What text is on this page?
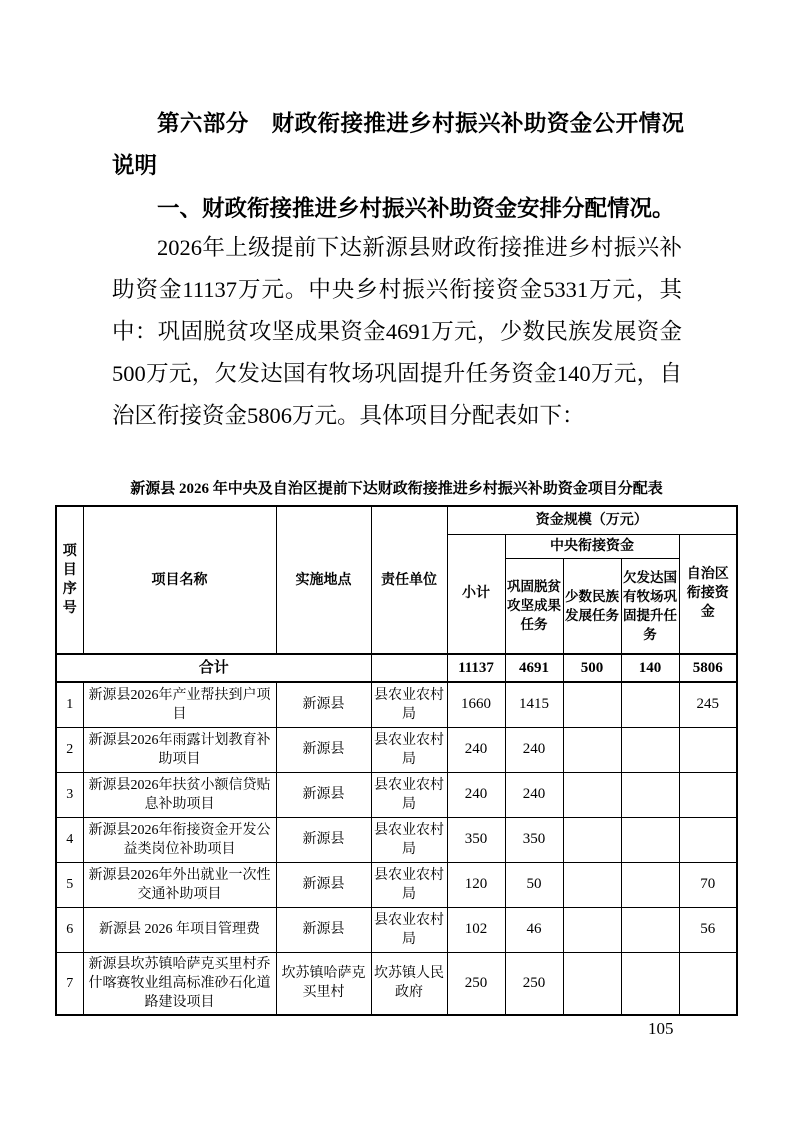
第六部分　财政衔接推进乡村振兴补助资金公开情况说明
一、财政衔接推进乡村振兴补助资金安排分配情况。
2026年上级提前下达新源县财政衔接推进乡村振兴补助资金11137万元。中央乡村振兴衔接资金5331万元，其中：巩固脱贫攻坚成果资金4691万元，少数民族发展资金500万元，欠发达国有牧场巩固提升任务资金140万元，自治区衔接资金5806万元。具体项目分配表如下：
新源县 2026 年中央及自治区提前下达财政衔接推进乡村振兴补助资金项目分配表
项目序号	项目名称	实施地点	责任单位	资金规模（万元）				
				小计	中央衔接资金			自治区衔接资金
					巩固脱贫攻坚成果任务	少数民族发展任务	欠发达国有牧场巩固提升任务	
合计				11137	4691	500	140	5806
1	新源县2026年产业帮扶到户项目	新源县	县农业农村局	1660	1415			245
2	新源县2026年雨露计划教育补助项目	新源县	县农业农村局	240	240			
3	新源县2026年扶贫小额信贷贴息补助项目	新源县	县农业农村局	240	240			
4	新源县2026年衔接资金开发公益类岗位补助项目	新源县	县农业农村局	350	350			
5	新源县2026年外出就业一次性交通补助项目	新源县	县农业农村局	120	50			70
6	新源县 2026 年项目管理费	新源县	县农业农村局	102	46			56
7	新源县坎苏镇哈萨克买里村乔什喀赛牧业组高标准砂石化道路建设项目	坎苏镇哈萨克买里村	坎苏镇人民政府	250	250			
105
